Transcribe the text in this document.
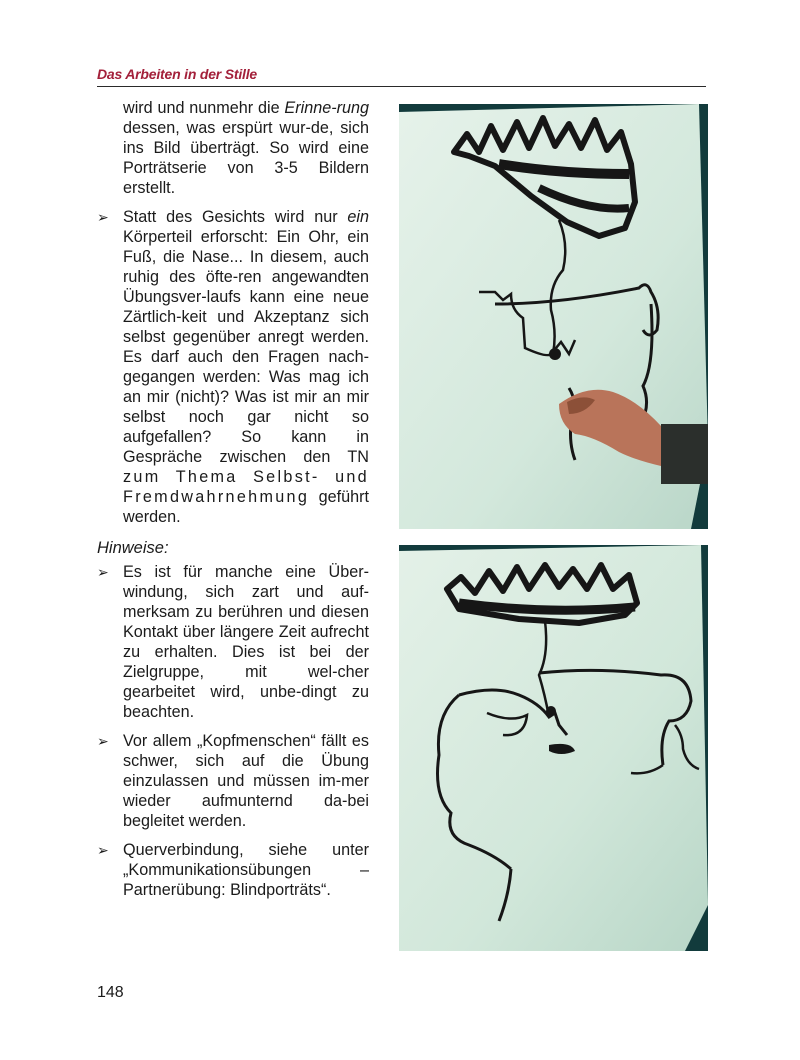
Das Arbeiten in der Stille

wird und nunmehr die Erinne-rung dessen, was erspürt wur-de, sich ins Bild überträgt. So wird eine Porträtserie von 3-5 Bildern erstellt.

➢ Statt des Gesichts wird nur ein Körperteil erforscht: Ein Ohr, ein Fuß, die Nase... In diesem, auch ruhig des öfte-ren angewandten Übungsver-laufs kann eine neue Zärtlich-keit und Akzeptanz sich selbst gegenüber anregt werden. Es darf auch den Fragen nach-gegangen werden: Was mag ich an mir (nicht)? Was ist mir an mir selbst noch gar nicht so aufgefallen? So kann in Gespräche zwischen den TN zum Thema Selbst- und Fremdwahrnehmung geführt werden.
Hinweise:
➢ Es ist für manche eine Über-windung, sich zart und auf-merksam zu berühren und diesen Kontakt über längere Zeit aufrecht zu erhalten. Dies ist bei der Zielgruppe, mit wel-cher gearbeitet wird, unbe-dingt zu beachten.
➢ Vor allem „Kopfmenschen“ fällt es schwer, sich auf die Übung einzulassen und müssen im-mer wieder aufmunternd da-bei begleitet werden.
➢ Querverbindung, siehe unter „Kommunikationsübungen – Partnerübung: Blindporträts“.
148
